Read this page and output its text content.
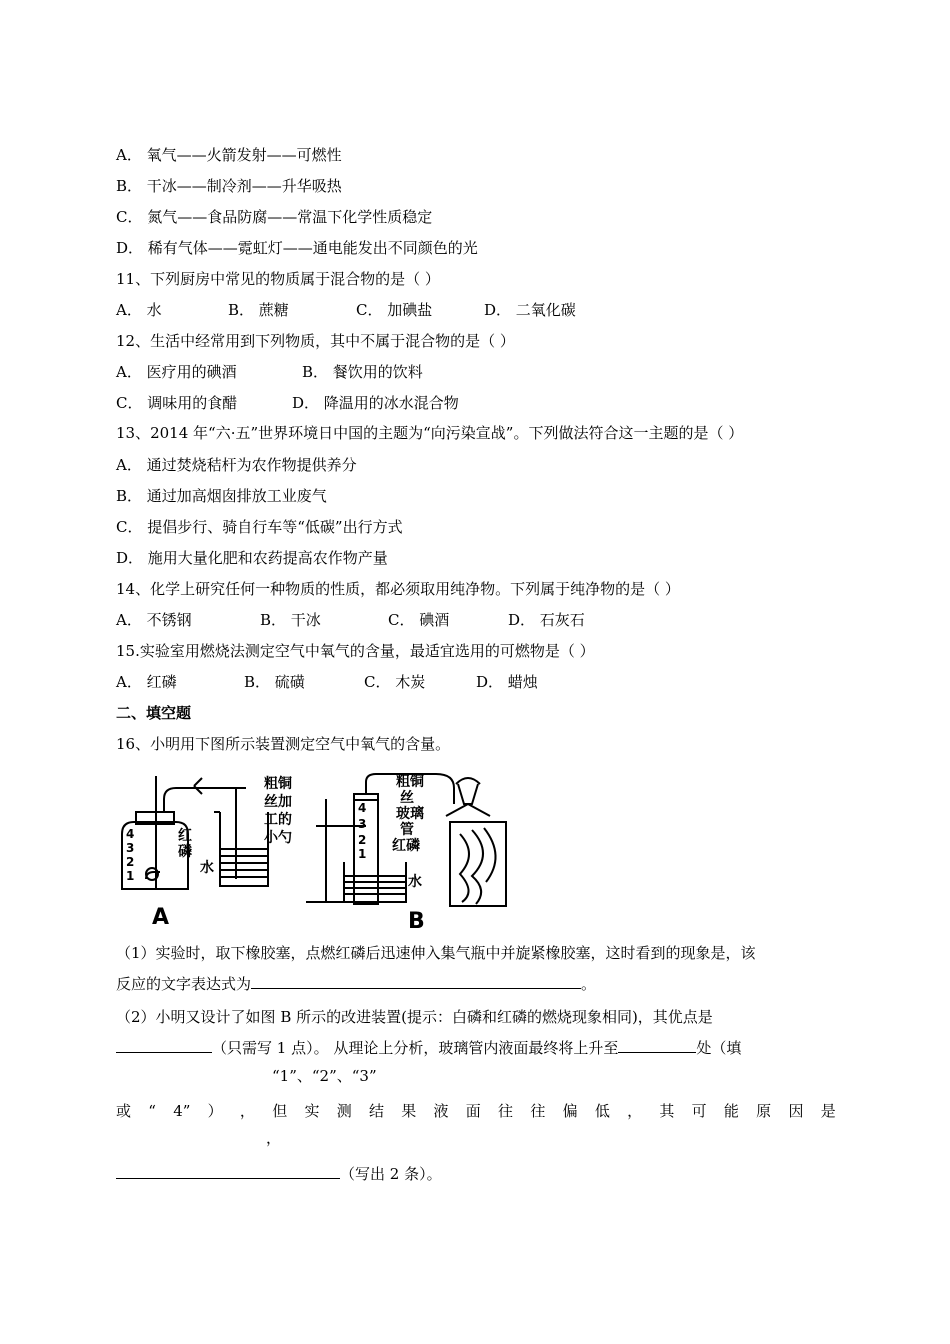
A． 氧气——火箭发射——可燃性
B． 干冰——制冷剂——升华吸热
C． 氮气——食品防腐——常温下化学性质稳定
D． 稀有气体——霓虹灯——通电能发出不同颜色的光
11、下列厨房中常见的物质属于混合物的是（ ）
A． 水	B． 蔗糖	C． 加碘盐	D． 二氧化碳
12、生活中经常用到下列物质，其中不属于混合物的是（ ）
A． 医疗用的碘酒	B． 餐饮用的饮料
C． 调味用的食醋	D． 降温用的冰水混合物
13、2014 年“六·五”世界环境日中国的主题为“向污染宣战”。下列做法符合这一主题的是（ ）
A． 通过焚烧秸杆为农作物提供养分
B． 通过加高烟囱排放工业废气
C． 提倡步行、骑自行车等“低碳”出行方式
D． 施用大量化肥和农药提高农作物产量
14、化学上研究任何一种物质的性质，都必须取用纯净物。下列属于纯净物的是（ ）
A． 不锈钢	B． 干冰	C． 碘酒	D． 石灰石
15.实验室用燃烧法测定空气中氧气的含量，最适宜选用的可燃物是（ ）
A． 红磷	B． 硫磺	C． 木炭	D． 蜡烛
二、填空题
16、小明用下图所示装置测定空气中氧气的含量。
4
3
2
1
红
磷
水
A
粗铜
丝加
工的
小勺
粗铜
丝
玻璃
管
4
3
2
1 红磷
水
B
（1）实验时，取下橡胶塞，点燃红磷后迅速伸入集气瓶中并旋紧橡胶塞，这时看到的现象是，该
反应的文字表达式为	。
（2）小明又设计了如图 B 所示的改进装置(提示：白磷和红磷的燃烧现象相同)，其优点是
（只需写 1 点）。 从理论上分析，玻璃管内液面最终将上升至	处（填
“1”、“2”、“3”
或 “ 4” ） ， 但 实 测 结 果 液 面 往 往 偏 低 ， 其 可 能 原 因 是
，
（写出 2 条）。
